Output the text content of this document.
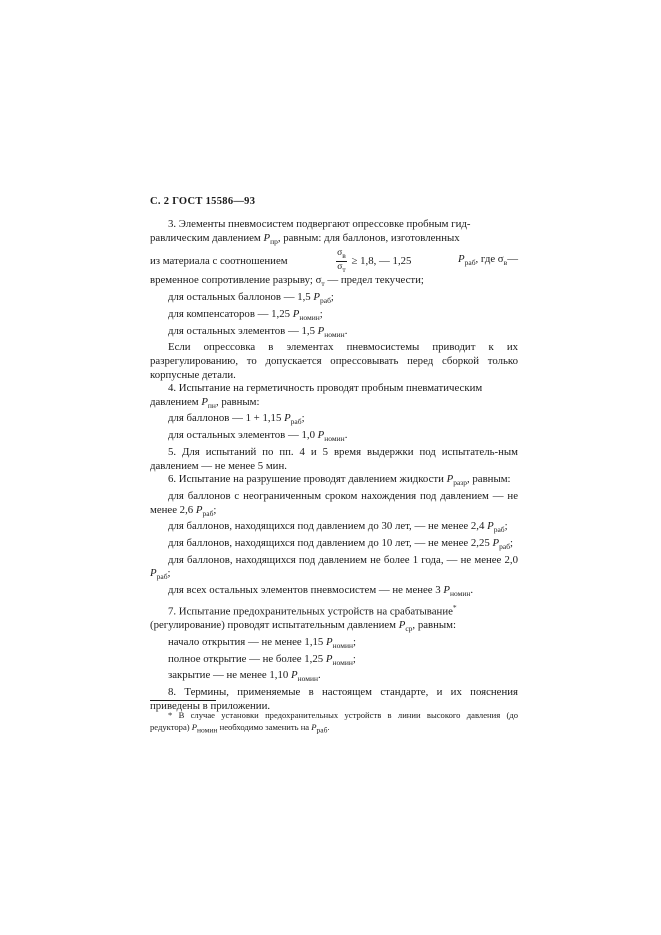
С. 2 ГОСТ 15586—93

3. Элементы пневмосистем подвергают опрессовке пробным гид-

равлическим давлением $P_{пр}$, равным: для баллонов, изготовленных

из материала с соотношением	$\frac{\sigma_в}{\sigma_т} \ge 1,8$, — 1,25	$P_{раб}$, где $\sigma_в—$

временное сопротивление разрыву; $\sigma_т$ — предел текучести;

для остальных баллонов — 1,5 $P_{раб}$;

для компенсаторов — 1,25 $P_{номин}$;

для остальных элементов — 1,5 $P_{номин}$.

Если опрессовка в элементах пневмосистемы приводит к их разрегулированию, то допускается опрессовывать перед сборкой только корпусные детали.

4. Испытание на герметичность проводят пробным пневматическим

давлением $P_{пн}$, равным:

для баллонов — 1 + 1,15 $P_{раб}$;

для остальных элементов — 1,0 $P_{номин}$.

5. Для испытаний по пп. 4 и 5 время выдержки под испытатель-ным давлением — не менее 5 мин.

6. Испытание на разрушение проводят давлением жидкости $P_{разр}$, равным:

для баллонов с неограниченным сроком нахождения под давлением — не менее 2,6 $P_{раб}$;

для баллонов, находящихся под давлением до 30 лет, — не менее 2,4 $P_{раб}$;

для баллонов, находящихся под давлением до 10 лет, — не менее 2,25 $P_{раб}$;

для баллонов, находящихся под давлением не более 1 года, — не менее 2,0 $P_{раб}$;

для всех остальных элементов пневмосистем — не менее 3 $P_{номин}$.

7. Испытание предохранительных устройств на срабатывание*

(регулирование) проводят испытательным давлением $P_{ср}$, равным:

начало открытия — не менее 1,15 $P_{номин}$;

полное открытие — не более 1,25 $P_{номин}$;

закрытие — не менее 1,10 $P_{номин}$.

8. Термины, применяемые в настоящем стандарте, и их пояснения приведены в приложении.

* В случае установки предохранительных устройств в линии высокого давления (до редуктора) $P_{номин}$ необходимо заменить на $P_{раб}$.
